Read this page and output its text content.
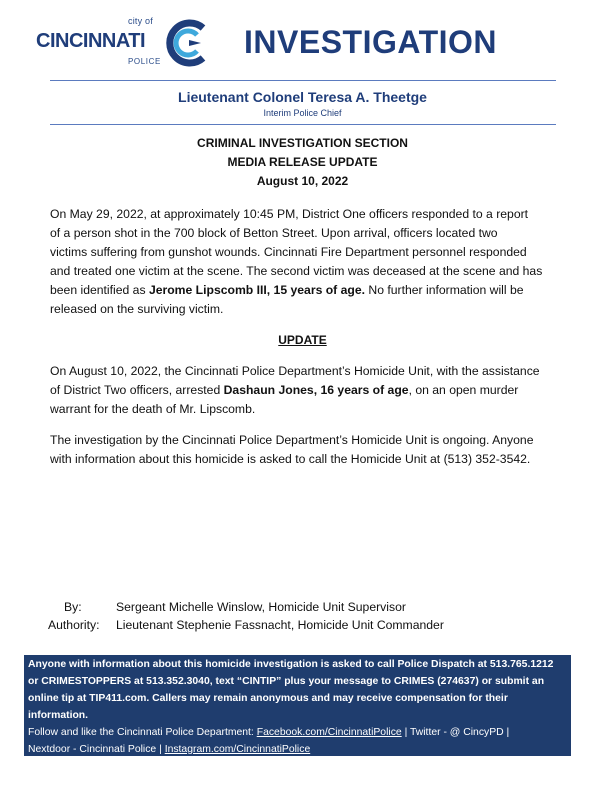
city of
CINCINNATI
POLICE
INVESTIGATION
Lieutenant Colonel Teresa A. Theetge
Interim Police Chief
CRIMINAL INVESTIGATION SECTION
MEDIA RELEASE UPDATE
August 10, 2022
On May 29, 2022, at approximately 10:45 PM, District One officers responded to a report
of a person shot in the 700 block of Betton Street. Upon arrival, officers located two
victims suffering from gunshot wounds. Cincinnati Fire Department personnel responded
and treated one victim at the scene. The second victim was deceased at the scene and has
been identified as Jerome Lipscomb III, 15 years of age. No further information will be
released on the surviving victim.
UPDATE
On August 10, 2022, the Cincinnati Police Department’s Homicide Unit, with the assistance
of District Two officers, arrested Dashaun Jones, 16 years of age, on an open murder
warrant for the death of Mr. Lipscomb.
The investigation by the Cincinnati Police Department’s Homicide Unit is ongoing. Anyone
with information about this homicide is asked to call the Homicide Unit at (513) 352-3542.
By:	Sergeant Michelle Winslow, Homicide Unit Supervisor
Authority: Lieutenant Stephenie Fassnacht, Homicide Unit Commander
Anyone with information about this homicide investigation is asked to call Police Dispatch at 513.765.1212
or CRIMESTOPPERS at 513.352.3040, text “CINTIP” plus your message to CRIMES (274637) or submit an
online tip at TIP411.com. Callers may remain anonymous and may receive compensation for their
information.
Follow and like the Cincinnati Police Department: Facebook.com/CincinnatiPolice | Twitter - @ CincyPD |
Nextdoor - Cincinnati Police | Instagram.com/CincinnatiPolice
